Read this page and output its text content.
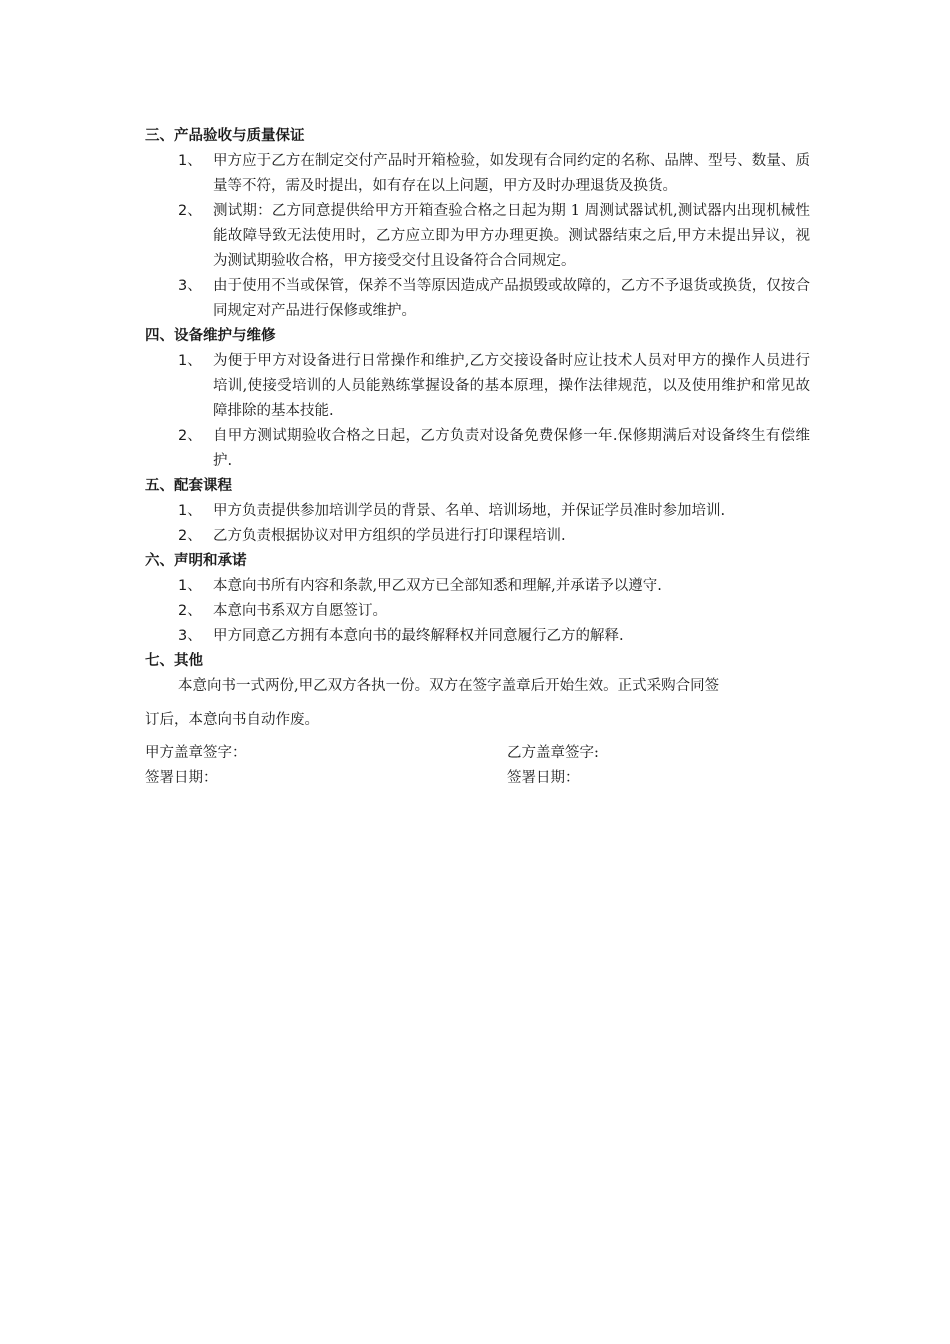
三、产品验收与质量保证
1、 甲方应于乙方在制定交付产品时开箱检验，如发现有合同约定的名称、品牌、型号、数量、质量等不符，需及时提出，如有存在以上问题，甲方及时办理退货及换货。
2、 测试期：乙方同意提供给甲方开箱查验合格之日起为期 1 周测试器试机,测试器内出现机械性能故障导致无法使用时，乙方应立即为甲方办理更换。测试器结束之后,甲方未提出异议，视为测试期验收合格，甲方接受交付且设备符合合同规定。
3、 由于使用不当或保管，保养不当等原因造成产品损毁或故障的，乙方不予退货或换货，仅按合同规定对产品进行保修或维护。
四、设备维护与维修
1、 为便于甲方对设备进行日常操作和维护,乙方交接设备时应让技术人员对甲方的操作人员进行培训,使接受培训的人员能熟练掌握设备的基本原理，操作法律规范，以及使用维护和常见故障排除的基本技能.
2、 自甲方测试期验收合格之日起，乙方负责对设备免费保修一年.保修期满后对设备终生有偿维护.
五、配套课程
1、 甲方负责提供参加培训学员的背景、名单、培训场地，并保证学员准时参加培训.
2、 乙方负责根据协议对甲方组织的学员进行打印课程培训.
六、声明和承诺
1、 本意向书所有内容和条款,甲乙双方已全部知悉和理解,并承诺予以遵守.
2、 本意向书系双方自愿签订。
3、 甲方同意乙方拥有本意向书的最终解释权并同意履行乙方的解释.
七、其他
本意向书一式两份,甲乙双方各执一份。双方在签字盖章后开始生效。正式采购合同签
订后，本意向书自动作废。
甲方盖章签字：	乙方盖章签字:
签署日期：	签署日期：
